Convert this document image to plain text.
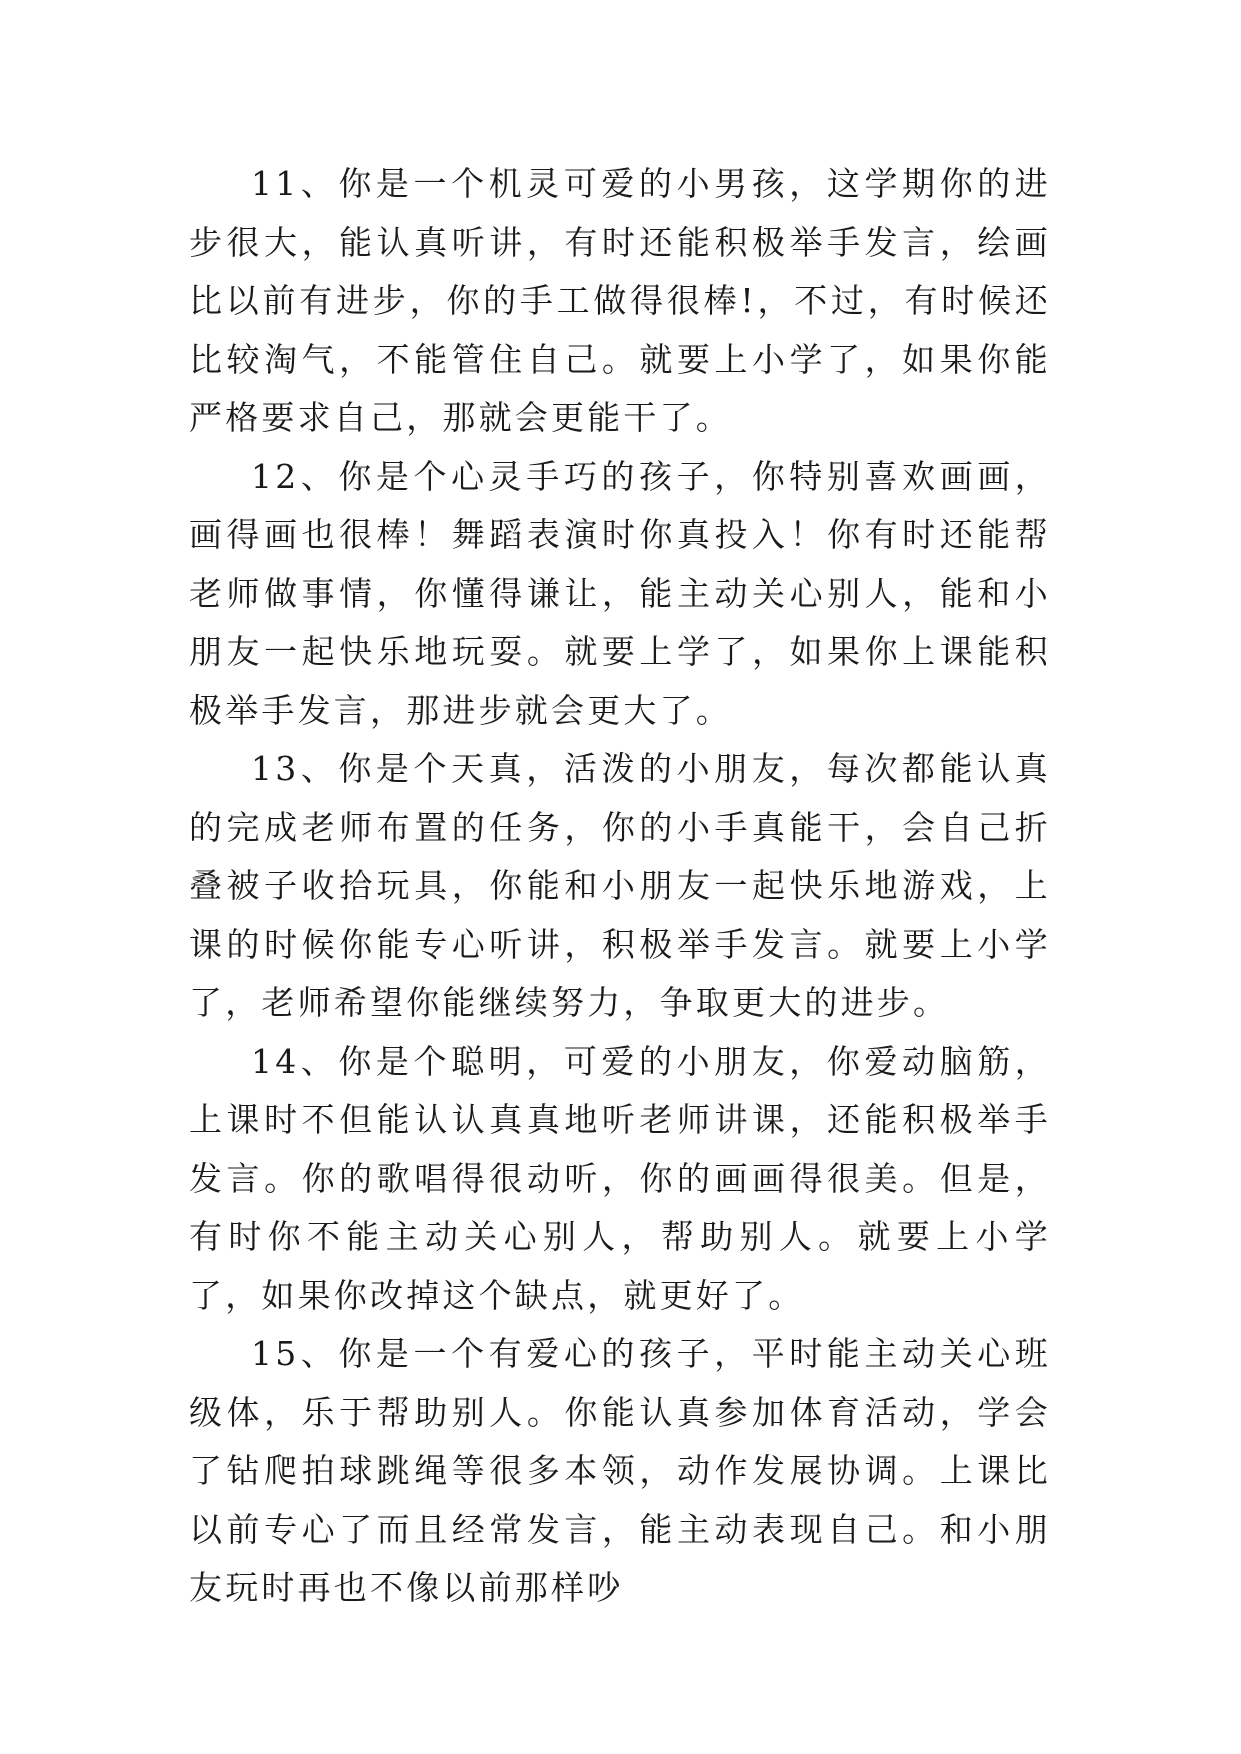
11、你是一个机灵可爱的小男孩，这学期你的进步很大，能认真听讲，有时还能积极举手发言，绘画比以前有进步，你的手工做得很棒!，不过，有时候还比较淘气，不能管住自己。就要上小学了，如果你能严格要求自己，那就会更能干了。

12、你是个心灵手巧的孩子，你特别喜欢画画，画得画也很棒！舞蹈表演时你真投入！你有时还能帮老师做事情，你懂得谦让，能主动关心别人，能和小朋友一起快乐地玩耍。就要上学了，如果你上课能积极举手发言，那进步就会更大了。

13、你是个天真，活泼的小朋友，每次都能认真的完成老师布置的任务，你的小手真能干，会自己折叠被子收拾玩具，你能和小朋友一起快乐地游戏，上课的时候你能专心听讲，积极举手发言。就要上小学了，老师希望你能继续努力，争取更大的进步。

14、你是个聪明，可爱的小朋友，你爱动脑筋，上课时不但能认认真真地听老师讲课，还能积极举手发言。你的歌唱得很动听，你的画画得很美。但是，有时你不能主动关心别人，帮助别人。就要上小学了，如果你改掉这个缺点，就更好了。

15、你是一个有爱心的孩子，平时能主动关心班级体，乐于帮助别人。你能认真参加体育活动，学会了钻爬拍球跳绳等很多本领，动作发展协调。上课比以前专心了而且经常发言，能主动表现自己。和小朋友玩时再也不像以前那样吵
